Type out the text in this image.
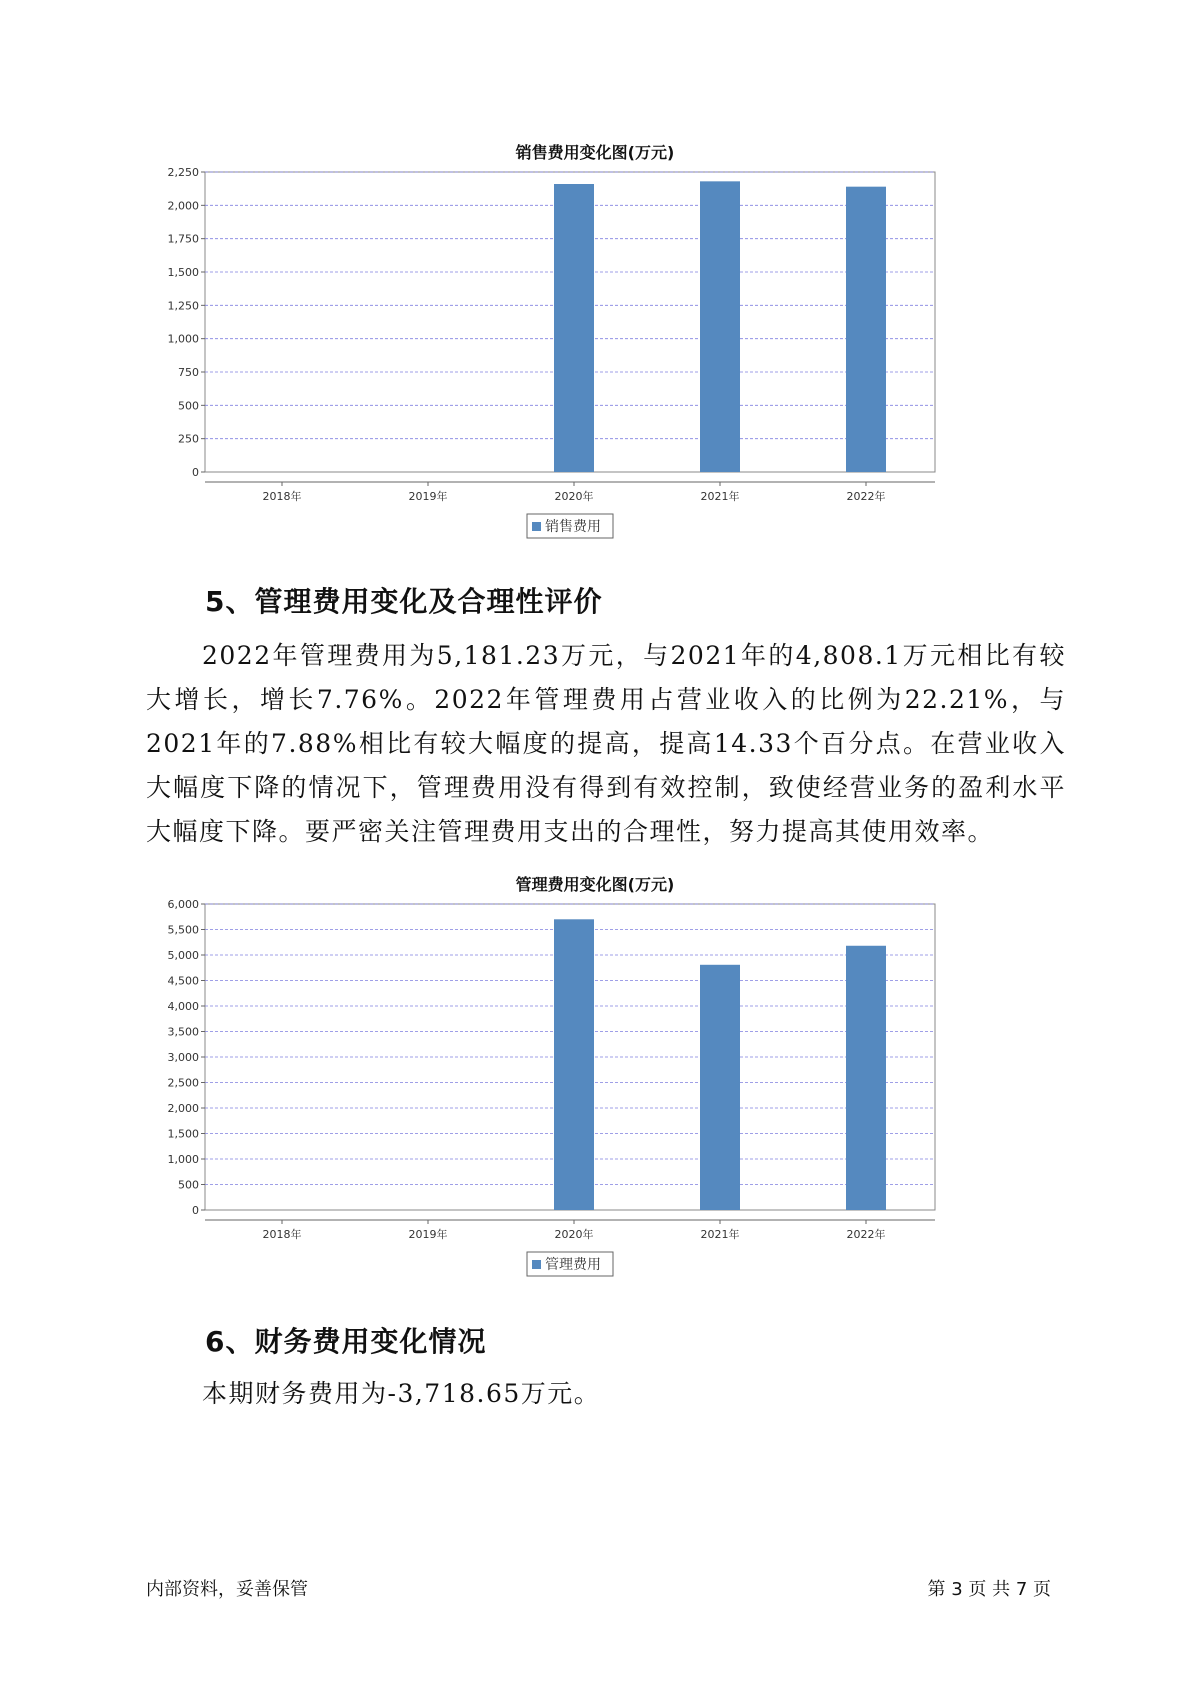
销售费用变化图(万元)
0
250
500
750
1,000
1,250
1,500
1,750
2,000
2,250
2018年	2019年	2020年	2021年	2022年
销售费用
5、管理费用变化及合理性评价
2022年管理费用为5,181.23万元，与2021年的4,808.1万元相比有较大增长，增长7.76%。2022年管理费用占营业收入的比例为22.21%，与2021年的7.88%相比有较大幅度的提高，提高14.33个百分点。在营业收入大幅度下降的情况下，管理费用没有得到有效控制，致使经营业务的盈利水平大幅度下降。要严密关注管理费用支出的合理性，努力提高其使用效率。
管理费用变化图(万元)
0
500
1,000
1,500
2,000
2,500
3,000
3,500
4,000
4,500
5,000
5,500
6,000
2018年	2019年	2020年	2021年	2022年
管理费用
6、财务费用变化情况
本期财务费用为-3,718.65万元。
内部资料，妥善保管	第 3 页 共 7 页
